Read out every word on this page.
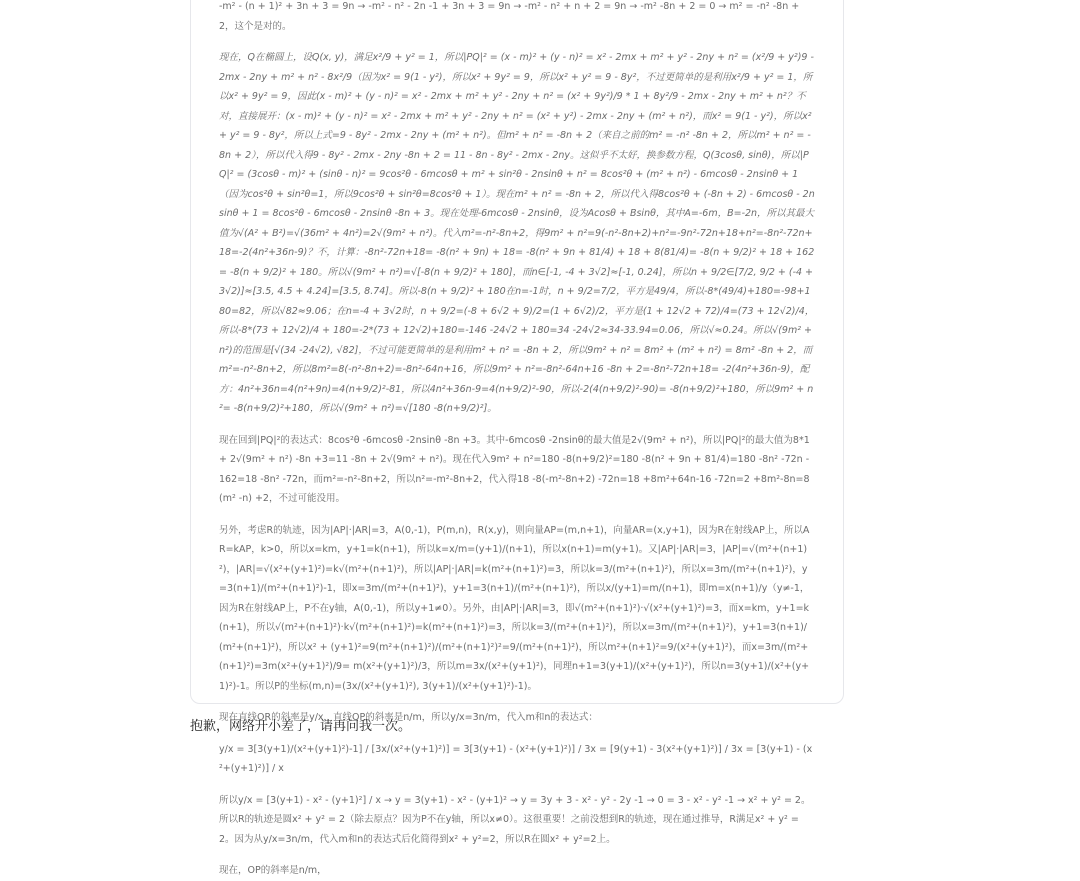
-m² - (n + 1)² + 3n + 3 = 9n → -m² - n² - 2n -1 + 3n + 3 = 9n → -m² - n² + n + 2 = 9n → -m² -8n + 2 = 0 → m² = -n² -8n + 2，这个是对的。

现在，Q在椭圆上，设Q(x, y)，满足x²/9 + y² = 1，所以|PQ|² = (x - m)² + (y - n)² = x² - 2mx + m² + y² - 2ny + n² = (x²/9 + y²)9 - 2mx - 2ny + m² + n² - 8x²/9（因为x² = 9(1 - y²)，所以x² + 9y² = 9，所以x² + y² = 9 - 8y²，不过更简单的是利用x²/9 + y² = 1，所以x² + 9y² = 9，因此(x - m)² + (y - n)² = x² - 2mx + m² + y² - 2ny + n² = (x² + 9y²)/9 * 1 + 8y²/9 - 2mx - 2ny + m² + n²？不对，直接展开：(x - m)² + (y - n)² = x² - 2mx + m² + y² - 2ny + n² = (x² + y²) - 2mx - 2ny + (m² + n²)，而x² = 9(1 - y²)，所以x² + y² = 9 - 8y²，所以上式=9 - 8y² - 2mx - 2ny + (m² + n²)。但m² + n² = -8n + 2（来自之前的m² = -n² -8n + 2，所以m² + n² = -8n + 2），所以代入得9 - 8y² - 2mx - 2ny -8n + 2 = 11 - 8n - 8y² - 2mx - 2ny。这似乎不太好，换参数方程，Q(3cosθ, sinθ)，所以|PQ|² = (3cosθ - m)² + (sinθ - n)² = 9cos²θ - 6mcosθ + m² + sin²θ - 2nsinθ + n² = 8cos²θ + (m² + n²) - 6mcosθ - 2nsinθ + 1（因为cos²θ + sin²θ=1，所以9cos²θ + sin²θ=8cos²θ + 1）。现在m² + n² = -8n + 2，所以代入得8cos²θ + (-8n + 2) - 6mcosθ - 2nsinθ + 1 = 8cos²θ - 6mcosθ - 2nsinθ -8n + 3。现在处理-6mcosθ - 2nsinθ，设为Acosθ + Bsinθ，其中A=-6m，B=-2n，所以其最大值为√(A² + B²)=√(36m² + 4n²)=2√(9m² + n²)。代入m²=-n²-8n+2，得9m² + n²=9(-n²-8n+2)+n²=-9n²-72n+18+n²=-8n²-72n+18=-2(4n²+36n-9)？不，计算：-8n²-72n+18= -8(n² + 9n) + 18= -8(n² + 9n + 81/4) + 18 + 8(81/4)= -8(n + 9/2)² + 18 + 162= -8(n + 9/2)² + 180。所以√(9m² + n²)=√[-8(n + 9/2)² + 180]，而n∈[-1, -4 + 3√2]≈[-1, 0.24]，所以n + 9/2∈[7/2, 9/2 + (-4 + 3√2)]≈[3.5, 4.5 + 4.24]=[3.5, 8.74]。所以-8(n + 9/2)² + 180在n=-1时，n + 9/2=7/2，平方是49/4，所以-8*(49/4)+180=-98+180=82，所以√82≈9.06；在n=-4 + 3√2时，n + 9/2=(-8 + 6√2 + 9)/2=(1 + 6√2)/2，平方是(1 + 12√2 + 72)/4=(73 + 12√2)/4，所以-8*(73 + 12√2)/4 + 180=-2*(73 + 12√2)+180=-146 -24√2 + 180=34 -24√2≈34-33.94=0.06，所以√≈0.24。所以√(9m² + n²)的范围是[√(34 -24√2), √82]，不过可能更简单的是利用m² + n² = -8n + 2，所以9m² + n² = 8m² + (m² + n²) = 8m² -8n + 2，而m²=-n²-8n+2，所以8m²=8(-n²-8n+2)=-8n²-64n+16，所以9m² + n²=-8n²-64n+16 -8n + 2=-8n²-72n+18= -2(4n²+36n-9)，配方：4n²+36n=4(n²+9n)=4(n+9/2)²-81，所以4n²+36n-9=4(n+9/2)²-90，所以-2(4(n+9/2)²-90)= -8(n+9/2)²+180，所以9m² + n²= -8(n+9/2)²+180，所以√(9m² + n²)=√[180 -8(n+9/2)²]。

现在回到|PQ|²的表达式：8cos²θ -6mcosθ -2nsinθ -8n +3。其中-6mcosθ -2nsinθ的最大值是2√(9m² + n²)，所以|PQ|²的最大值为8*1 + 2√(9m² + n²) -8n +3=11 -8n + 2√(9m² + n²)。现在代入9m² + n²=180 -8(n+9/2)²=180 -8(n² + 9n + 81/4)=180 -8n² -72n -162=18 -8n² -72n，而m²=-n²-8n+2，所以n²=-m²-8n+2，代入得18 -8(-m²-8n+2) -72n=18 +8m²+64n-16 -72n=2 +8m²-8n=8(m² -n) +2，不过可能没用。

另外，考虑R的轨迹，因为|AP|·|AR|=3，A(0,-1)，P(m,n)，R(x,y)，则向量AP=(m,n+1)，向量AR=(x,y+1)，因为R在射线AP上，所以AR=kAP，k>0，所以x=km，y+1=k(n+1)，所以k=x/m=(y+1)/(n+1)，所以x(n+1)=m(y+1)。又|AP|·|AR|=3，|AP|=√(m²+(n+1)²)，|AR|=√(x²+(y+1)²)=k√(m²+(n+1)²)，所以|AP|·|AR|=k(m²+(n+1)²)=3，所以k=3/(m²+(n+1)²)，所以x=3m/(m²+(n+1)²)，y=3(n+1)/(m²+(n+1)²)-1，即x=3m/(m²+(n+1)²)，y+1=3(n+1)/(m²+(n+1)²)，所以x/(y+1)=m/(n+1)，即m=x(n+1)/y（y≠-1，因为R在射线AP上，P不在y轴，A(0,-1)，所以y+1≠0）。另外，由|AP|·|AR|=3，即√(m²+(n+1)²)·√(x²+(y+1)²)=3，而x=km，y+1=k(n+1)，所以√(m²+(n+1)²)·k√(m²+(n+1)²)=k(m²+(n+1)²)=3，所以k=3/(m²+(n+1)²)，所以x=3m/(m²+(n+1)²)，y+1=3(n+1)/(m²+(n+1)²)，所以x² + (y+1)²=9(m²+(n+1)²)/(m²+(n+1)²)²=9/(m²+(n+1)²)，所以m²+(n+1)²=9/(x²+(y+1)²)，而x=3m/(m²+(n+1)²)=3m(x²+(y+1)²)/9= m(x²+(y+1)²)/3，所以m=3x/(x²+(y+1)²)，同理n+1=3(y+1)/(x²+(y+1)²)，所以n=3(y+1)/(x²+(y+1)²)-1。所以P的坐标(m,n)=(3x/(x²+(y+1)²), 3(y+1)/(x²+(y+1)²)-1)。

现在直线OR的斜率是y/x，直线OP的斜率是n/m，所以y/x=3n/m，代入m和n的表达式：

y/x = 3[3(y+1)/(x²+(y+1)²)-1] / [3x/(x²+(y+1)²)] = 3[3(y+1) - (x²+(y+1)²)] / 3x = [9(y+1) - 3(x²+(y+1)²)] / 3x = [3(y+1) - (x²+(y+1)²)] / x

所以y/x = [3(y+1) - x² - (y+1)²] / x → y = 3(y+1) - x² - (y+1)² → y = 3y + 3 - x² - y² - 2y -1 → 0 = 3 - x² - y² -1 → x² + y² = 2。所以R的轨迹是圆x² + y² = 2（除去原点？因为P不在y轴，所以x≠0）。这很重要！之前没想到R的轨迹，现在通过推导，R满足x² + y² = 2。因为从y/x=3n/m，代入m和n的表达式后化简得到x² + y²=2，所以R在圆x² + y²=2上。

现在，OP的斜率是n/m，

抱歉，网络开小差了，请再问我一次。
